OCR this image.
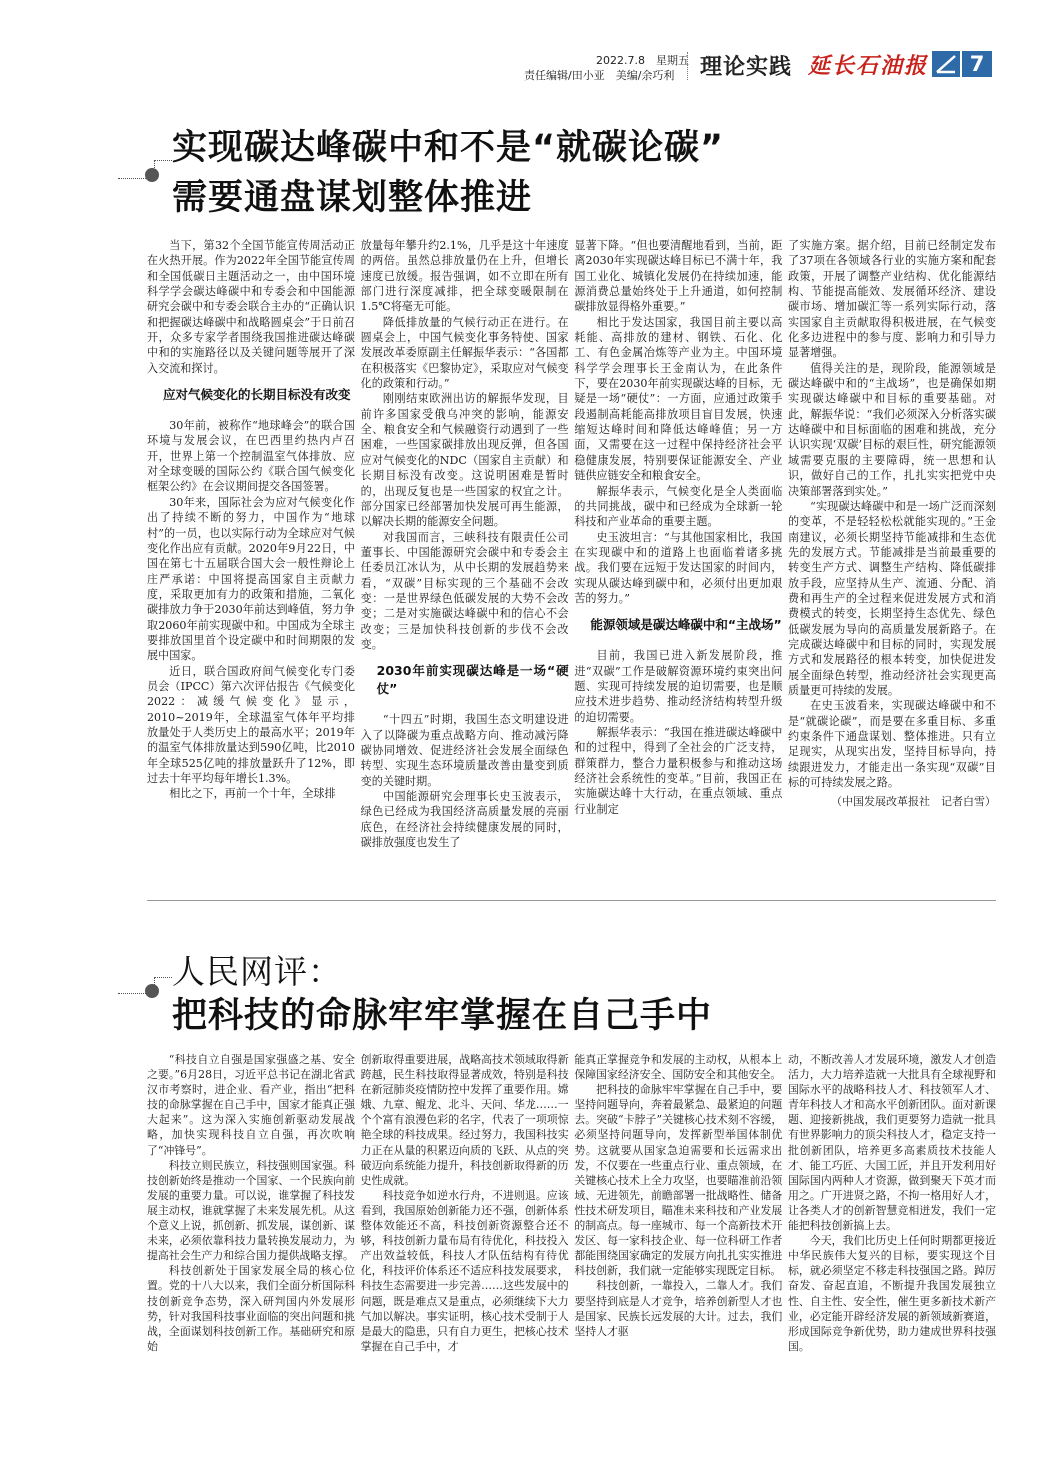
2022.7.8　 星期五
责任编辑/田小亚　 美编/余巧利 理论实践 延长石油报	7
实现碳达峰碳中和不是“就碳论碳”
需要通盘谋划整体推进

当下，第32个全国节能宣传周活动正在火热开展。作为2022年全国节能宣传周和全国低碳日主题活动之一，由中国环境科学学会碳达峰碳中和专委会和中国能源研究会碳中和专委会联合主办的“正确认识和把握碳达峰碳中和战略圆桌会”于日前召开，众多专家学者围绕我国推进碳达峰碳中和的实施路径以及关键问题等展开了深入交流和探讨。

应对气候变化的长期目标没有改变

30年前，被称作“地球峰会”的联合国环境与发展会议，在巴西里约热内卢召开，世界上第一个控制温室气体排放、应对全球变暖的国际公约《联合国气候变化框架公约》在会议期间提交各国签署。

30年来，国际社会为应对气候变化作出了持续不断的努力，中国作为“地球村”的一员，也以实际行动为全球应对气候变化作出应有贡献。2020年9月22日，中国在第七十五届联合国大会一般性辩论上庄严承诺：中国将提高国家自主贡献力度，采取更加有力的政策和措施，二氧化碳排放力争于2030年前达到峰值，努力争取2060年前实现碳中和。中国成为全球主要排放国里首个设定碳中和时间期限的发展中国家。

近日，联合国政府间气候变化专门委员会（IPCC）第六次评估报告《气候变化2022：减缓气候变化》显示，2010~2019年，全球温室气体年平均排放量处于人类历史上的最高水平；2019年的温室气体排放量达到590亿吨，比2010年全球525亿吨的排放量跃升了12%，即过去十年平均每年增长1.3%。

相比之下，再前一个十年，全球排

放量每年攀升约2.1%，几乎是这十年速度的两倍。虽然总排放量仍在上升，但增长速度已放缓。报告强调，如不立即在所有部门进行深度减排，把全球变暖限制在1.5℃将毫无可能。

降低排放量的气候行动正在进行。在圆桌会上，中国气候变化事务特使、国家发展改革委原副主任解振华表示：“各国都在积极落实《巴黎协定》，采取应对气候变化的政策和行动。”

刚刚结束欧洲出访的解振华发现，目前许多国家受俄乌冲突的影响，能源安全、粮食安全和气候融资行动遇到了一些困难，一些国家碳排放出现反弹，但各国应对气候变化的NDC（国家自主贡献）和长期目标没有改变。这说明困难是暂时的，出现反复也是一些国家的权宜之计。部分国家已经部署加快发展可再生能源，以解决长期的能源安全问题。

对我国而言，三峡科技有限责任公司董事长、中国能源研究会碳中和专委会主任委员江冰认为，从中长期的发展趋势来看，“双碳”目标实现的三个基础不会改变：一是世界绿色低碳发展的大势不会改变；二是对实施碳达峰碳中和的信心不会改变；三是加快科技创新的步伐不会改变。

2030年前实现碳达峰是一场“硬仗”

“十四五”时期，我国生态文明建设进入了以降碳为重点战略方向、推动减污降碳协同增效、促进经济社会发展全面绿色转型、实现生态环境质量改善由量变到质变的关键时期。

中国能源研究会理事长史玉波表示，绿色已经成为我国经济高质量发展的亮丽底色，在经济社会持续健康发展的同时，碳排放强度也发生了

显著下降。“但也要清醒地看到，当前，距离2030年实现碳达峰目标已不满十年，我国工业化、城镇化发展仍在持续加速，能源消费总量始终处于上升通道，如何控制碳排放显得格外重要。”

相比于发达国家，我国目前主要以高耗能、高排放的建材、钢铁、石化、化工、有色金属冶炼等产业为主。中国环境科学学会理事长王金南认为，在此条件下，要在2030年前实现碳达峰的目标，无疑是一场“硬仗”：一方面，应通过政策手段遏制高耗能高排放项目盲目发展，快速缩短达峰时间和降低达峰峰值；另一方面，又需要在这一过程中保持经济社会平稳健康发展，特别要保证能源安全、产业链供应链安全和粮食安全。

解振华表示，气候变化是全人类面临的共同挑战，碳中和已经成为全球新一轮科技和产业革命的重要主题。

史玉波坦言：“与其他国家相比，我国在实现碳中和的道路上也面临着诸多挑战。我们要在远短于发达国家的时间内，实现从碳达峰到碳中和，必须付出更加艰苦的努力。”

能源领域是碳达峰碳中和“主战场”

目前，我国已进入新发展阶段，推进“双碳”工作是破解资源环境约束突出问题、实现可持续发展的迫切需要，也是顺应技术进步趋势、推动经济结构转型升级的迫切需要。

解振华表示：“我国在推进碳达峰碳中和的过程中，得到了全社会的广泛支持，群策群力，整合力量积极参与和推动这场经济社会系统性的变革。”目前，我国正在实施碳达峰十大行动，在重点领域、重点行业制定

了实施方案。据介绍，目前已经制定发布了37项在各领域各行业的实施方案和配套政策，开展了调整产业结构、优化能源结构、节能提高能效、发展循环经济、建设碳市场、增加碳汇等一系列实际行动，落实国家自主贡献取得积极进展，在气候变化多边进程中的参与度、影响力和引导力显著增强。

值得关注的是，现阶段，能源领域是碳达峰碳中和的“主战场”，也是确保如期实现碳达峰碳中和目标的重要基础。对此，解振华说：“我们必须深入分析落实碳达峰碳中和目标面临的困难和挑战，充分认识实现‘双碳’目标的艰巨性，研究能源领域需要克服的主要障碍，统一思想和认识，做好自己的工作，扎扎实实把党中央决策部署落到实处。”

“实现碳达峰碳中和是一场广泛而深刻的变革，不是轻轻松松就能实现的。”王金南建议，必须长期坚持节能减排和生态优先的发展方式。节能减排是当前最重要的转变生产方式、调整生产结构、降低碳排放手段，应坚持从生产、流通、分配、消费和再生产的全过程来促进发展方式和消费模式的转变，长期坚持生态优先、绿色低碳发展为导向的高质量发展新路子。在完成碳达峰碳中和目标的同时，实现发展方式和发展路径的根本转变，加快促进发展全面绿色转型，推动经济社会实现更高质量更可持续的发展。

在史玉波看来，实现碳达峰碳中和不是“就碳论碳”，而是要在多重目标、多重约束条件下通盘谋划、整体推进。只有立足现实，从现实出发，坚持目标导向，持续跟进发力，才能走出一条实现“双碳”目标的可持续发展之路。

（中国发展改革报社　记者白雪）
人民网评：
把科技的命脉牢牢掌握在自己手中

“科技自立自强是国家强盛之基、安全之要。”6月28日，习近平总书记在湖北省武汉市考察时，进企业、看产业，指出“把科技的命脉掌握在自己手中，国家才能真正强大起来”。这为深入实施创新驱动发展战略，加快实现科技自立自强，再次吹响了“冲锋号”。

科技立则民族立，科技强则国家强。科技创新始终是推动一个国家、一个民族向前发展的重要力量。可以说，谁掌握了科技发展主动权，谁就掌握了未来发展先机。从这个意义上说，抓创新、抓发展，谋创新、谋未来，必须依靠科技力量转换发展动力，为提高社会生产力和综合国力提供战略支撑。

科技创新处于国家发展全局的核心位置。党的十八大以来，我们全面分析国际科技创新竞争态势，深入研判国内外发展形势，针对我国科技事业面临的突出问题和挑战，全面谋划科技创新工作。基础研究和原始

创新取得重要进展，战略高技术领域取得新跨越，民生科技取得显著成效，特别是科技在新冠肺炎疫情防控中发挥了重要作用。嫦娥、九章、鲲龙、北斗、天问、华龙……一个个富有浪漫色彩的名字，代表了一项项惊艳全球的科技成果。经过努力，我国科技实力正在从量的积累迈向质的飞跃、从点的突破迈向系统能力提升，科技创新取得新的历史性成就。

科技竞争如逆水行舟，不进则退。应该看到，我国原始创新能力还不强，创新体系整体效能还不高，科技创新资源整合还不够，科技创新力量布局有待优化，科技投入产出效益较低，科技人才队伍结构有待优化，科技评价体系还不适应科技发展要求，科技生态需要进一步完善……这些发展中的问题，既是难点又是重点，必须继续下大力气加以解决。事实证明，核心技术受制于人是最大的隐患，只有自力更生，把核心技术掌握在自己手中，才

能真正掌握竞争和发展的主动权，从根本上保障国家经济安全、国防安全和其他安全。

把科技的命脉牢牢掌握在自己手中，要坚持问题导向，奔着最紧急、最紧迫的问题去。突破“卡脖子”关键核心技术刻不容缓，必须坚持问题导向，发挥新型举国体制优势。这就要从国家急迫需要和长远需求出发，不仅要在一些重点行业、重点领域，在关键核心技术上全力攻坚，也要瞄准前沿领域、无进领先，前瞻部署一批战略性、储备性技术研发项目，瞄准未来科技和产业发展的制高点。每一座城市、每一个高新技术开发区、每一家科技企业、每一位科研工作者都能围绕国家确定的发展方向扎扎实实推进科技创新，我们就一定能够实现既定目标。

科技创新，一靠投入，二靠人才。我们要坚持到底是人才竞争，培养创新型人才也是国家、民族长远发展的大计。过去，我们坚持人才驱

动，不断改善人才发展环境，激发人才创造活力，大力培养造就一大批具有全球视野和国际水平的战略科技人才、科技领军人才、青年科技人才和高水平创新团队。面对新课题、迎接新挑战，我们更要努力造就一批具有世界影响力的顶尖科技人才，稳定支持一批创新团队，培养更多高素质技术技能人才、能工巧匠、大国工匠，并且开发利用好国际国内两种人才资源，做到聚天下英才而用之。广开进贤之路，不拘一格用好人才，让各类人才的创新智慧竞相迸发，我们一定能把科技创新搞上去。

今天，我们比历史上任何时期都更接近中华民族伟大复兴的目标，要实现这个目标，就必须坚定不移走科技强国之路。踔厉奋发、奋起直追，不断提升我国发展独立性、自主性、安全性，催生更多新技术新产业，必定能开辟经济发展的新领域新赛道，形成国际竞争新优势，助力建成世界科技强国。
